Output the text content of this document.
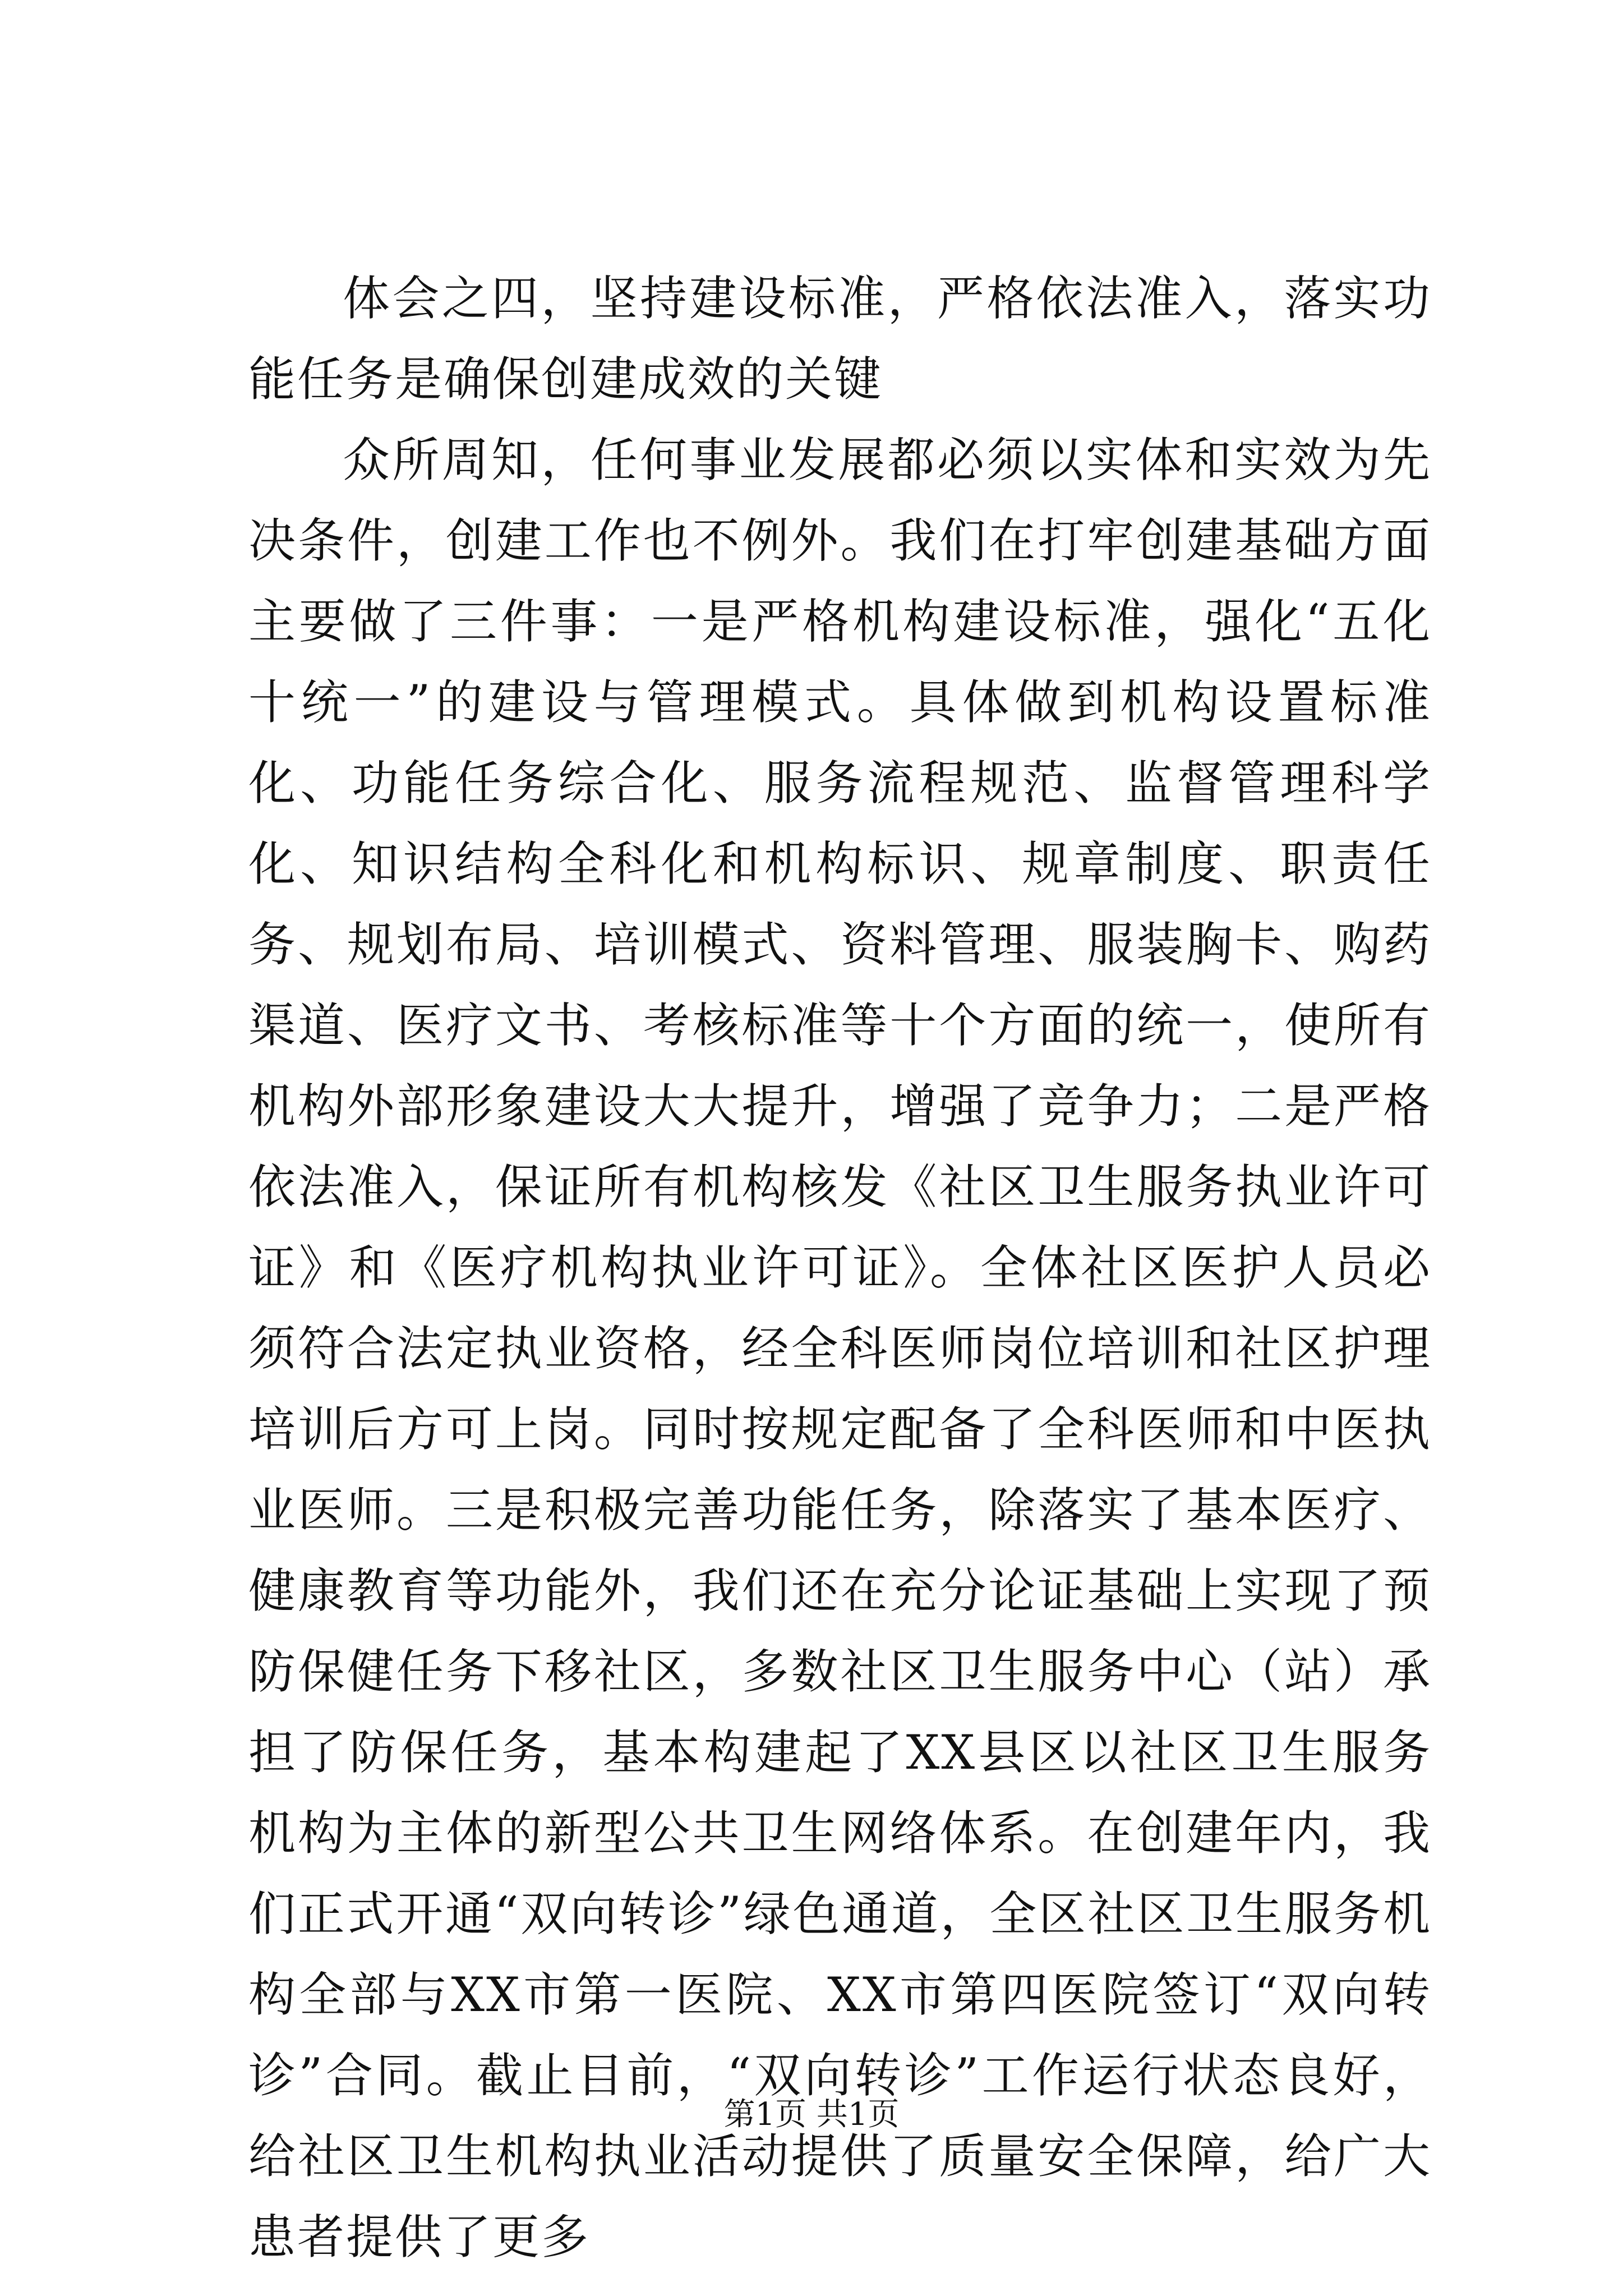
体会之四，坚持建设标准，严格依法准入，落实功能任务是确保创建成效的关键

众所周知，任何事业发展都必须以实体和实效为先决条件，创建工作也不例外。我们在打牢创建基础方面主要做了三件事：一是严格机构建设标准，强化“五化十统一”的建设与管理模式。具体做到机构设置标准化、功能任务综合化、服务流程规范、监督管理科学化、知识结构全科化和机构标识、规章制度、职责任务、规划布局、培训模式、资料管理、服装胸卡、购药渠道、医疗文书、考核标准等十个方面的统一，使所有机构外部形象建设大大提升，增强了竞争力；二是严格依法准入，保证所有机构核发《社区卫生服务执业许可证》和《医疗机构执业许可证》。全体社区医护人员必须符合法定执业资格，经全科医师岗位培训和社区护理培训后方可上岗。同时按规定配备了全科医师和中医执业医师。三是积极完善功能任务，除落实了基本医疗、健康教育等功能外，我们还在充分论证基础上实现了预防保健任务下移社区，多数社区卫生服务中心（站）承担了防保任务，基本构建起了XX县区以社区卫生服务机构为主体的新型公共卫生网络体系。在创建年内，我们正式开通“双向转诊”绿色通道，全区社区卫生服务机构全部与XX市第一医院、XX市第四医院签订“双向转诊”合同。截止目前，“双向转诊”工作运行状态良好，给社区卫生机构执业活动提供了质量安全保障，给广大患者提供了更多

第1页 共1页
